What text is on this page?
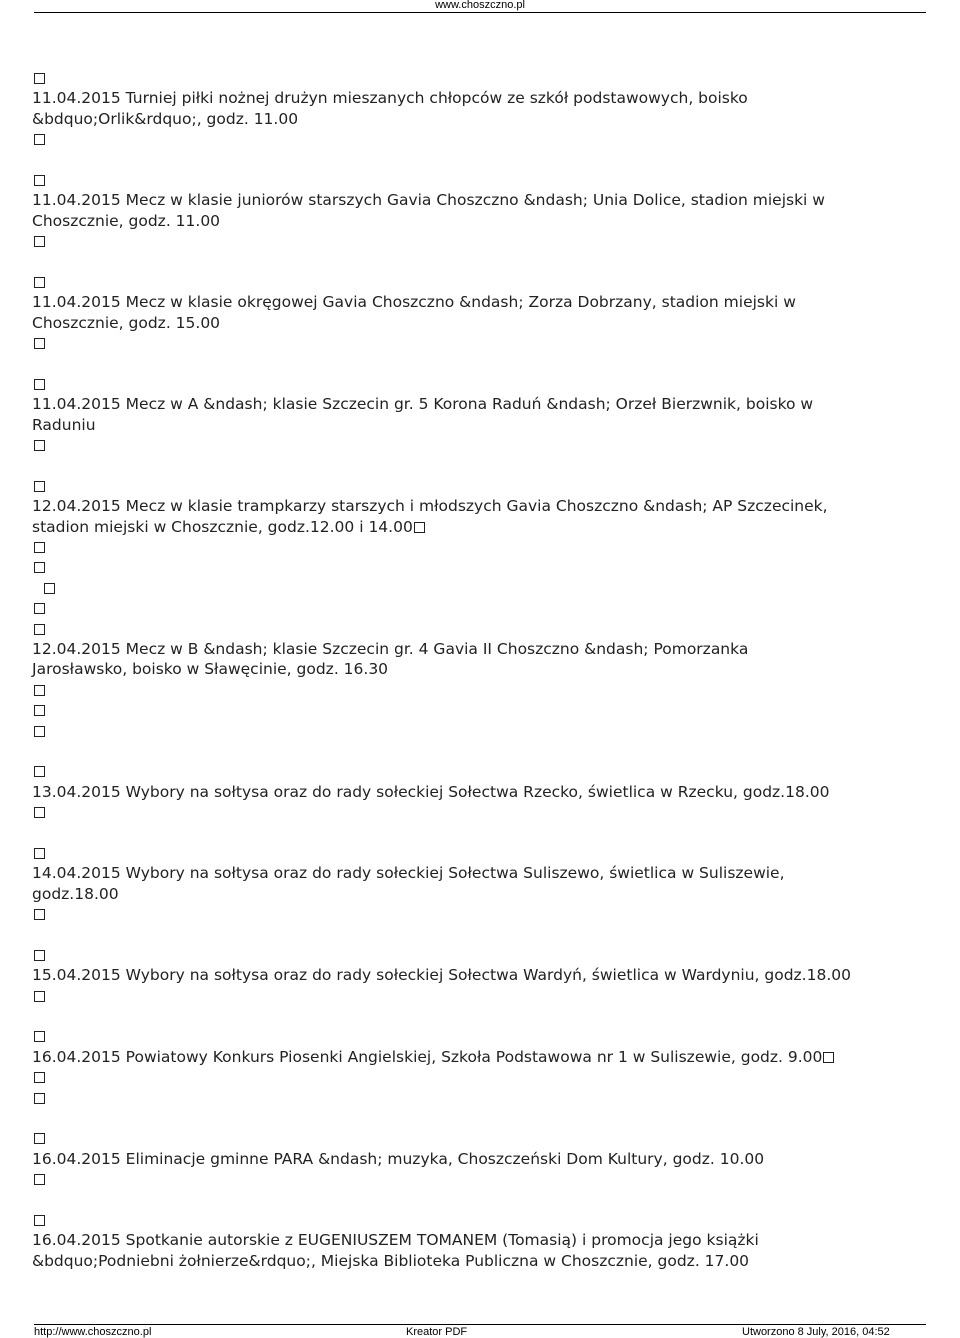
www.choszczno.pl
11.04.2015 Turniej piłki nożnej drużyn mieszanych chłopców ze szkół podstawowych, boisko
&bdquo;Orlik&rdquo;, godz. 11.00
11.04.2015 Mecz w klasie juniorów starszych Gavia Choszczno &ndash; Unia Dolice, stadion miejski w
Choszcznie, godz. 11.00
11.04.2015 Mecz w klasie okręgowej Gavia Choszczno &ndash; Zorza Dobrzany, stadion miejski w
Choszcznie, godz. 15.00
11.04.2015 Mecz w A &ndash; klasie Szczecin gr. 5 Korona Raduń &ndash; Orzeł Bierzwnik, boisko w
Raduniu
12.04.2015 Mecz w klasie trampkarzy starszych i młodszych Gavia Choszczno &ndash; AP Szczecinek,
stadion miejski w Choszcznie, godz.12.00 i 14.00
12.04.2015 Mecz w B &ndash; klasie Szczecin gr. 4 Gavia II Choszczno &ndash; Pomorzanka
Jarosławsko, boisko w Sławęcinie, godz. 16.30
13.04.2015 Wybory na sołtysa oraz do rady sołeckiej Sołectwa Rzecko, świetlica w Rzecku, godz.18.00
14.04.2015 Wybory na sołtysa oraz do rady sołeckiej Sołectwa Suliszewo, świetlica w Suliszewie,
godz.18.00
15.04.2015 Wybory na sołtysa oraz do rady sołeckiej Sołectwa Wardyń, świetlica w Wardyniu, godz.18.00
16.04.2015 Powiatowy Konkurs Piosenki Angielskiej, Szkoła Podstawowa nr 1 w Suliszewie, godz. 9.00
16.04.2015 Eliminacje gminne PARA &ndash; muzyka, Choszczeński Dom Kultury, godz. 10.00
16.04.2015 Spotkanie autorskie z EUGENIUSZEM TOMANEM (Tomasią) i promocja jego książki
&bdquo;Podniebni żołnierze&rdquo;, Miejska Biblioteka Publiczna w Choszcznie, godz. 17.00
http://www.choszczno.pl	Kreator PDF	Utworzono 8 July, 2016, 04:52
